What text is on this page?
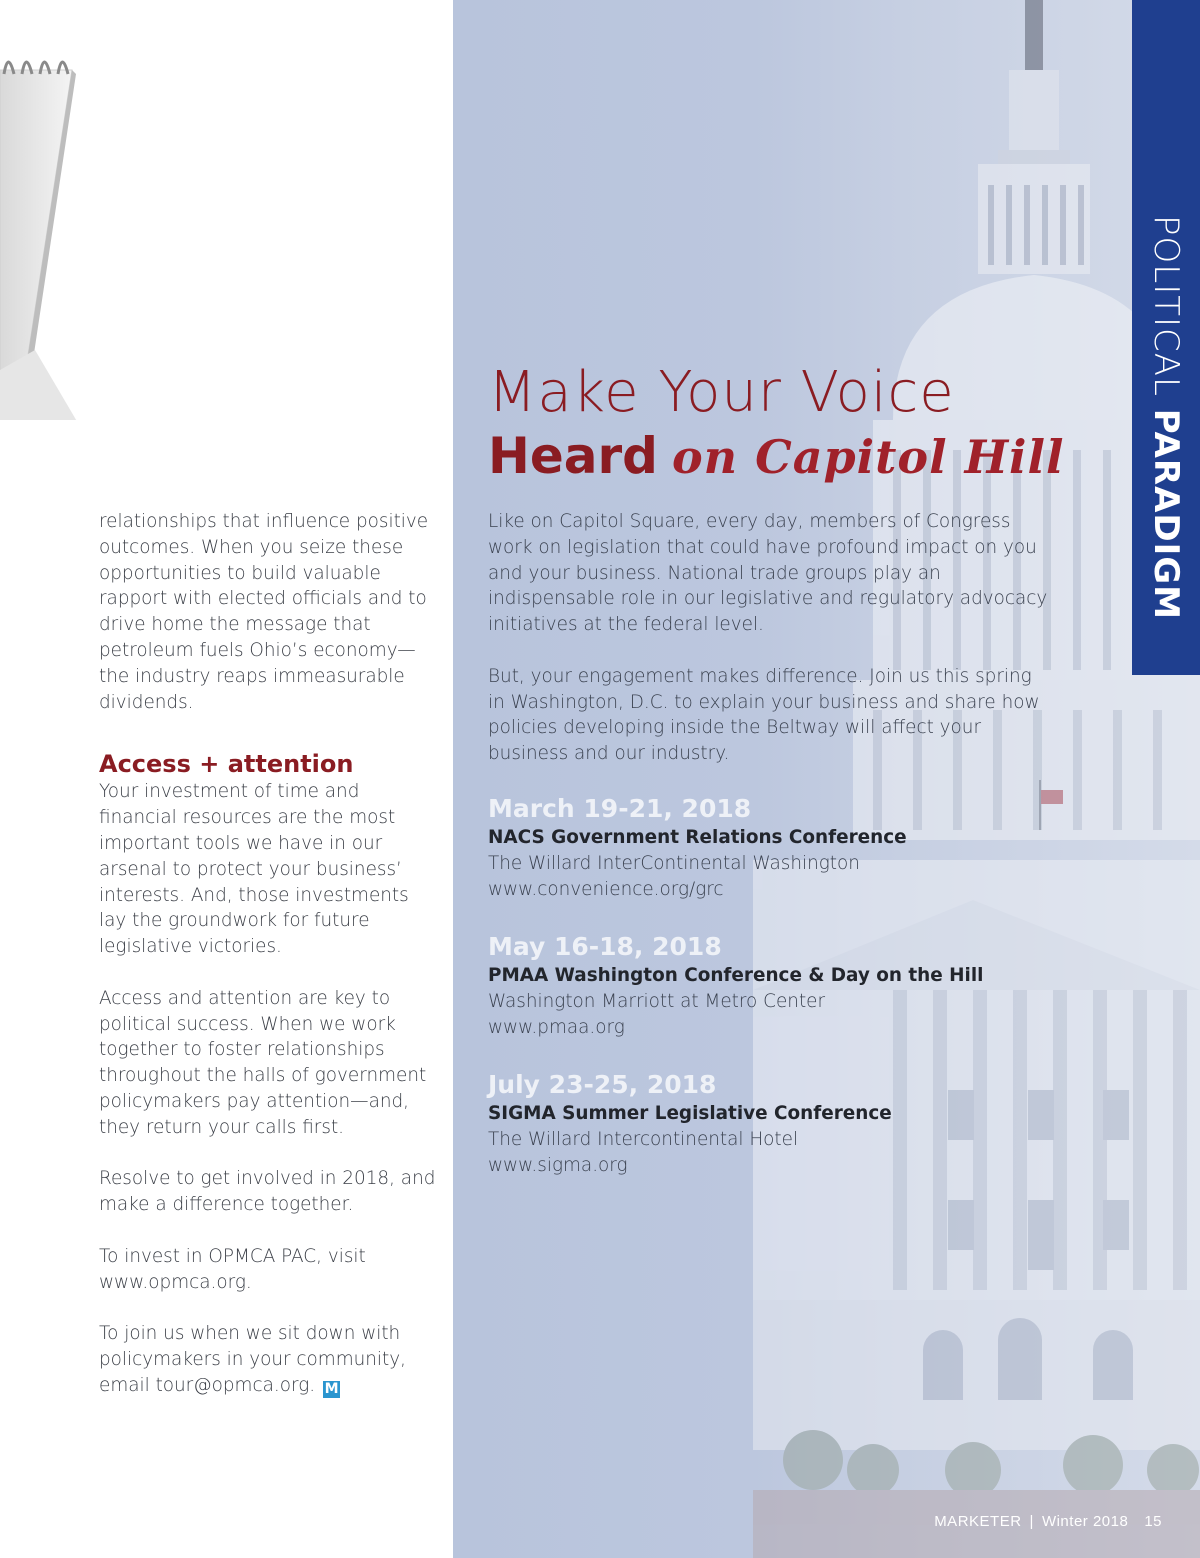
relationships that influence positive outcomes. When you seize these opportunities to build valuable rapport with elected officials and to drive home the message that petroleum fuels Ohio’s economy—the industry reaps immeasurable dividends.

Access + attention

Your investment of time and financial resources are the most important tools we have in our arsenal to protect your business’ interests. And, those investments lay the groundwork for future legislative victories.

Access and attention are key to political success. When we work together to foster relationships throughout the halls of government policymakers pay attention—and, they return your calls first.

Resolve to get involved in 2018, and make a difference together.

To invest in OPMCA PAC, visit www.opmca.org.

To join us when we sit down with policymakers in your community, email tour@opmca.org. M

Make Your Voice
Heard on Capitol Hill

Like on Capitol Square, every day, members of Congress work on legislation that could have profound impact on you and your business. National trade groups play an indispensable role in our legislative and regulatory advocacy initiatives at the federal level.

But, your engagement makes difference. Join us this spring in Washington, D.C. to explain your business and share how policies developing inside the Beltway will affect your business and our industry.

March 19-21, 2018
NACS Government Relations Conference
The Willard InterContinental Washington
www.convenience.org/grc
May 16-18, 2018
PMAA Washington Conference & Day on the Hill
Washington Marriott at Metro Center
www.pmaa.org
July 23-25, 2018
SIGMA Summer Legislative Conference
The Willard Intercontinental Hotel
www.sigma.org
POLITICAL PARADIGM
MARKETER | Winter 2018 15
